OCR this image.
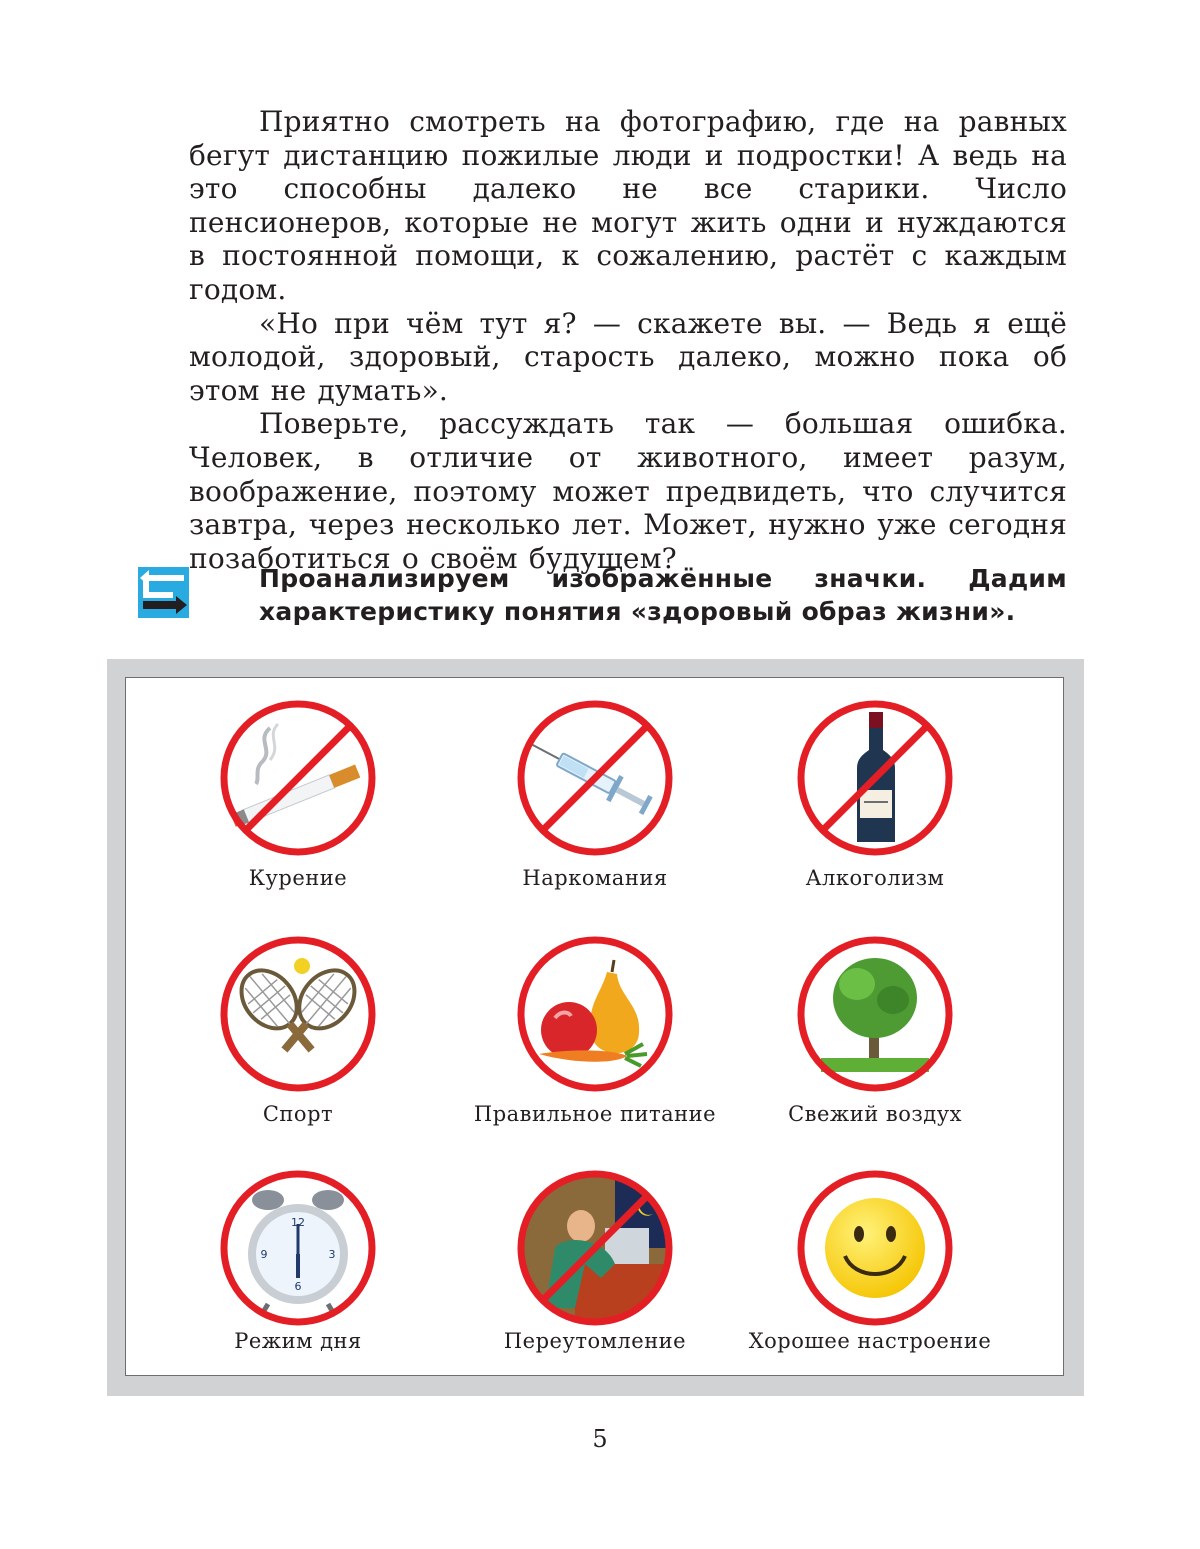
Приятно смотреть на фотографию, где на равных бегут дистанцию пожилые люди и подростки! А ведь на это способны далеко не все старики. Число пенсионеров, которые не могут жить одни и нуждаются в постоянной помощи, к сожалению, растёт с каждым годом.

«Но при чём тут я? — скажете вы. — Ведь я ещё молодой, здоровый, старость далеко, можно пока об этом не думать».

Поверьте, рассуждать так — большая ошибка. Человек, в отличие от животного, имеет разум, воображение, поэтому может предвидеть, что случится завтра, через несколько лет. Может, нужно уже сегодня позаботиться о своём будущем?

Проанализируем изображённые значки. Дадим характеристику понятия «здоровый образ жизни».
Курение	Наркомания	Алкоголизм
Спорт	Правильное питание	Свежий воздух
12
3
6
9
Режим дня	Переутомление	Хорошее настроение
5
